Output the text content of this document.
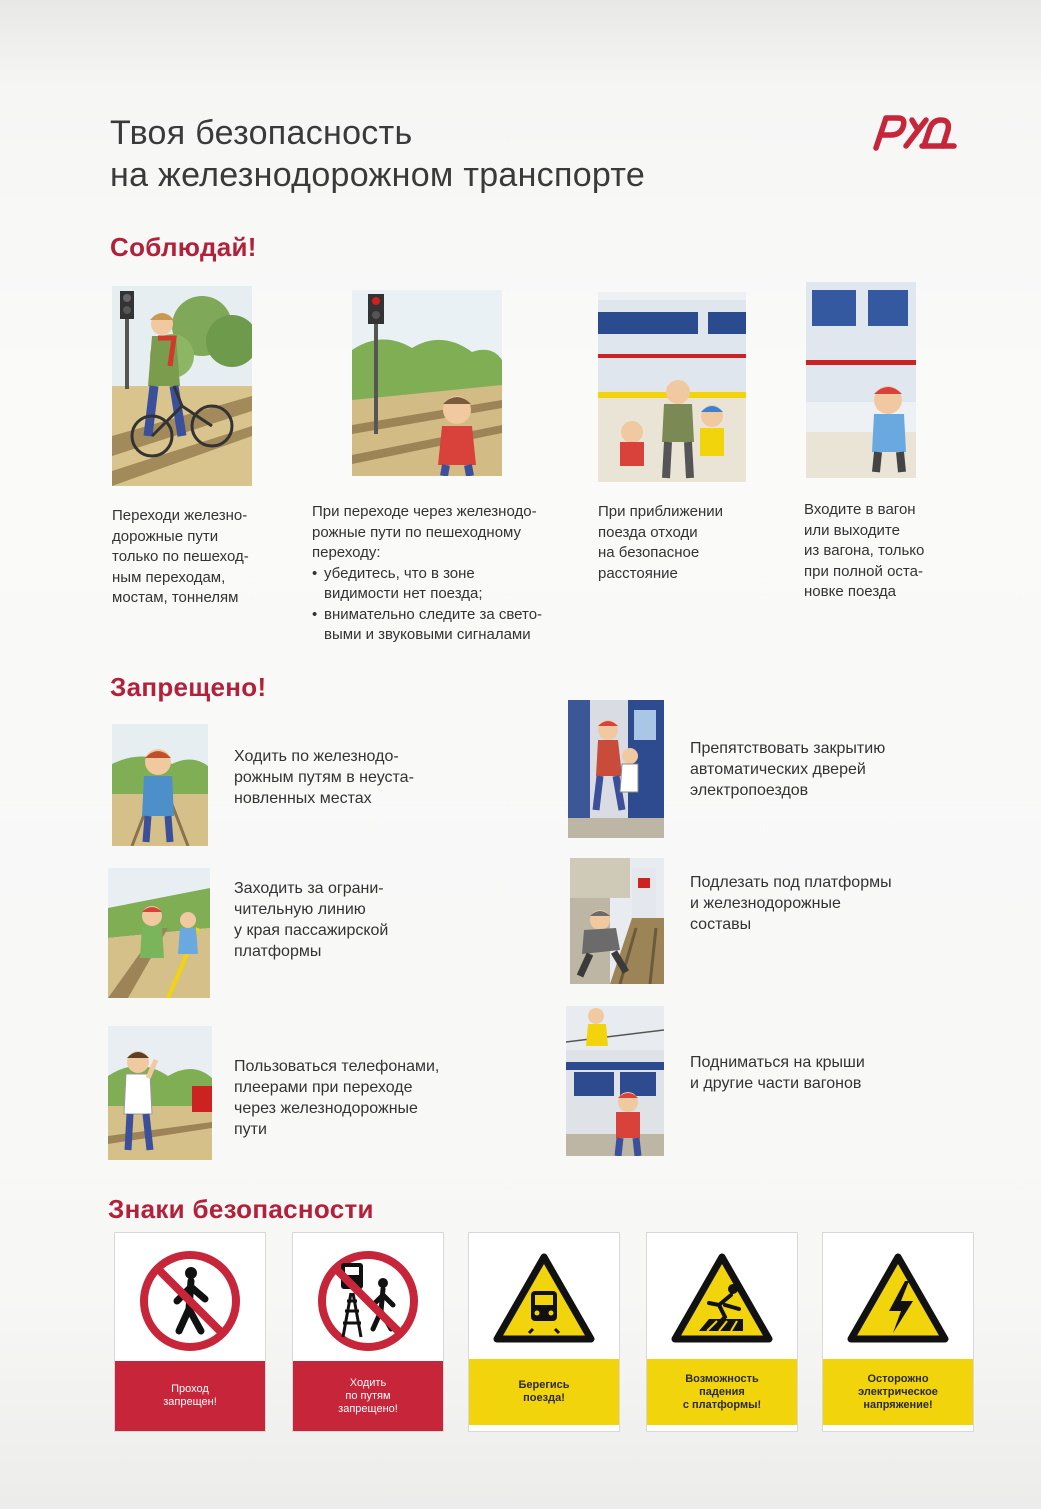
Твоя безопасность
на железнодорожном транспорте
Соблюдай!
Переходи железно-
дорожные пути
только по пешеход-
ным переходам,
мостам, тоннелям
При переходе через железнодо-
рожные пути по пешеходному
переходу:
• убедитесь, что в зоне
видимости нет поезда;
• внимательно следите за свето-
выми и звуковыми сигналами
При приближении
поезда отходи
на безопасное
расстояние
Входите в вагон
или выходите
из вагона, только
при полной оста-
новке поезда
Запрещено!
Ходить по железнодо-
рожным путям в неуста-
новленных местах
Заходить за ограни-
чительную линию
у края пассажирской
платформы
Пользоваться телефонами,
плеерами при переходе
через железнодорожные
пути
Препятствовать закрытию
автоматических дверей
электропоездов
Подлезать под платформы
и железнодорожные
составы
Подниматься на крыши
и другие части вагонов
Знаки безопасности
Проход
запрещен!
Ходить
по путям
запрещено!
Берегись
поезда!
Возможность
падения
с платформы!
Осторожно
электрическое
напряжение!
